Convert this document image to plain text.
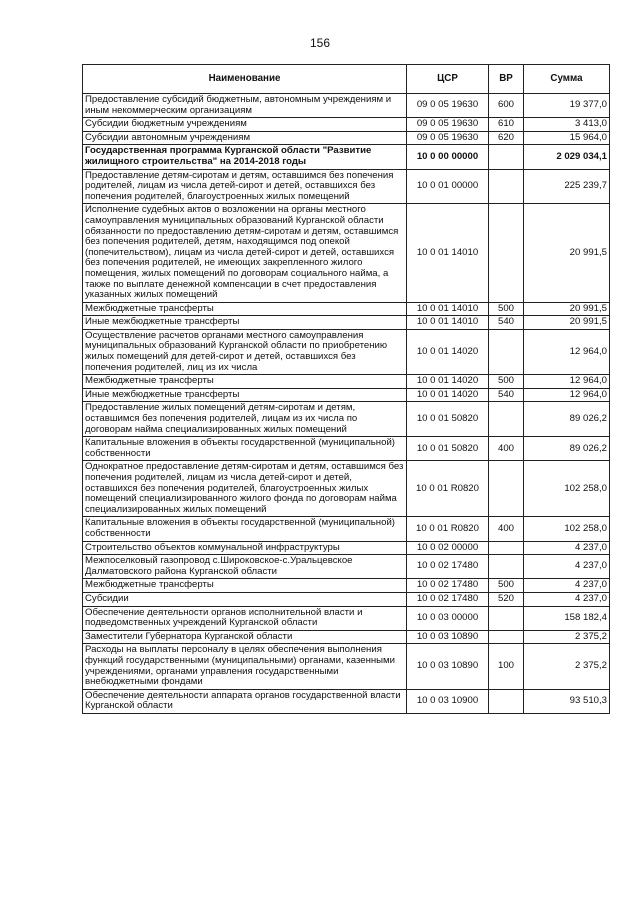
156
Наименование	ЦСР	ВР	Сумма
Предоставление субсидий бюджетным, автономным учреждениям и иным некоммерческим организациям	09 0 05 19630	600	19 377,0
Субсидии бюджетным учреждениям	09 0 05 19630	610	3 413,0
Субсидии автономным учреждениям	09 0 05 19630	620	15 964,0
Государственная программа Курганской области "Развитие жилищного строительства" на 2014-2018 годы	10 0 00 00000		2 029 034,1
Предоставление детям-сиротам и детям, оставшимся без попечения родителей, лицам из числа детей-сирот и детей, оставшихся без попечения родителей, благоустроенных жилых помещений	10 0 01 00000		225 239,7
Исполнение судебных актов о возложении на органы местного самоуправления муниципальных образований Курганской области обязанности по предоставлению детям-сиротам и детям, оставшимся без попечения родителей, детям, находящимся под опекой (попечительством), лицам из числа детей-сирот и детей, оставшихся без попечения родителей, не имеющих закрепленного жилого помещения, жилых помещений по договорам социального найма, а также по выплате денежной компенсации в счет предоставления указанных жилых помещений	10 0 01 14010		20 991,5
Межбюджетные трансферты	10 0 01 14010	500	20 991,5
Иные межбюджетные трансферты	10 0 01 14010	540	20 991,5
Осуществление расчетов органами местного самоуправления муниципальных образований Курганской области по приобретению жилых помещений для детей-сирот и детей, оставшихся без попечения родителей, лиц из их числа	10 0 01 14020		12 964,0
Межбюджетные трансферты	10 0 01 14020	500	12 964,0
Иные межбюджетные трансферты	10 0 01 14020	540	12 964,0
Предоставление жилых помещений детям-сиротам и детям, оставшимся без попечения родителей, лицам из их числа по договорам найма специализированных жилых помещений	10 0 01 50820		89 026,2
Капитальные вложения в объекты государственной (муниципальной) собственности	10 0 01 50820	400	89 026,2
Однократное предоставление детям-сиротам и детям, оставшимся без попечения родителей, лицам из числа детей-сирот и детей, оставшихся без попечения родителей, благоустроенных жилых помещений специализированного жилого фонда по договорам найма специализированных жилых помещений	10 0 01 R0820		102 258,0
Капитальные вложения в объекты государственной (муниципальной) собственности	10 0 01 R0820	400	102 258,0
Строительство объектов коммунальной инфраструктуры	10 0 02 00000		4 237,0
Межпоселковый газопровод с.Широковское-с.Уральцевское Далматовского района Курганской области	10 0 02 17480		4 237,0
Межбюджетные трансферты	10 0 02 17480	500	4 237,0
Субсидии	10 0 02 17480	520	4 237,0
Обеспечение деятельности органов исполнительной власти и подведомственных учреждений Курганской области	10 0 03 00000		158 182,4
Заместители Губернатора Курганской области	10 0 03 10890		2 375,2
Расходы на выплаты персоналу в целях обеспечения выполнения функций государственными (муниципальными) органами, казенными учреждениями, органами управления государственными внебюджетными фондами	10 0 03 10890	100	2 375,2
Обеспечение деятельности аппарата органов государственной власти Курганской области	10 0 03 10900		93 510,3
